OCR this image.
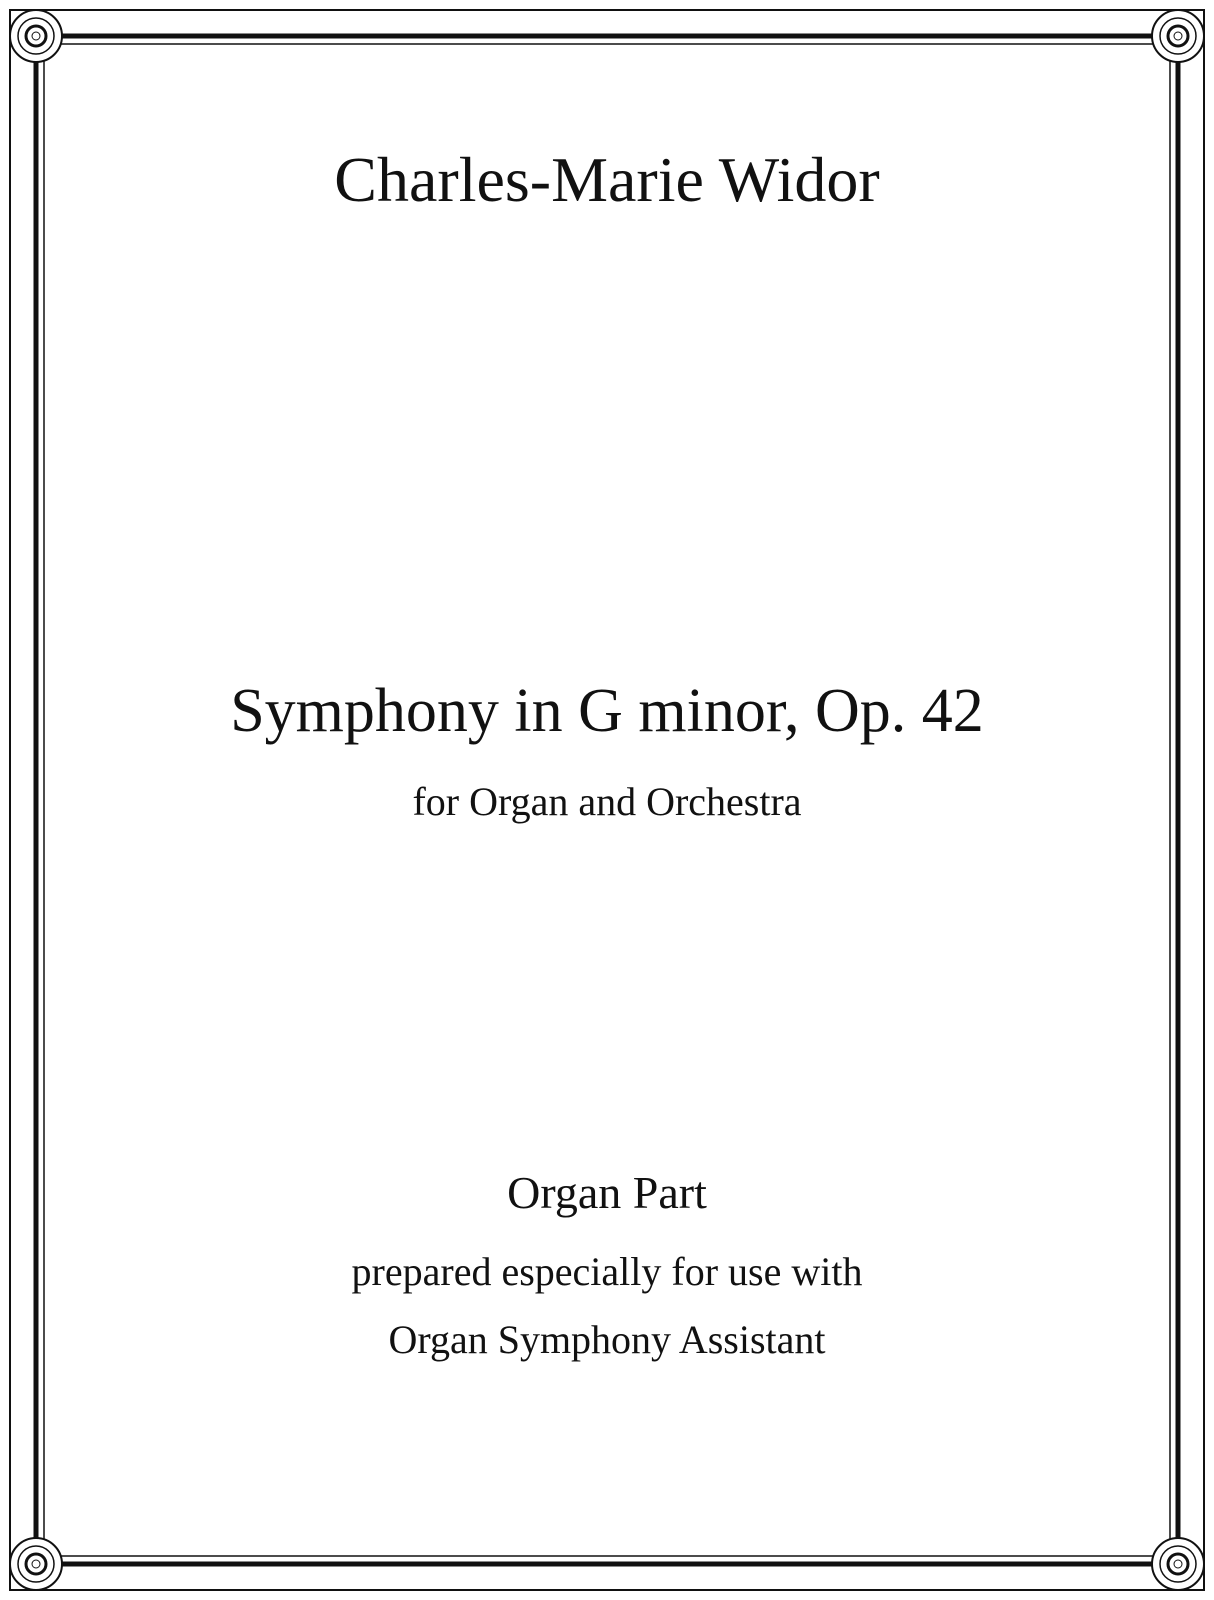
Charles-Marie Widor
Symphony in G minor, Op. 42
for Organ and Orchestra
Organ Part
prepared especially for use with
Organ Symphony Assistant
